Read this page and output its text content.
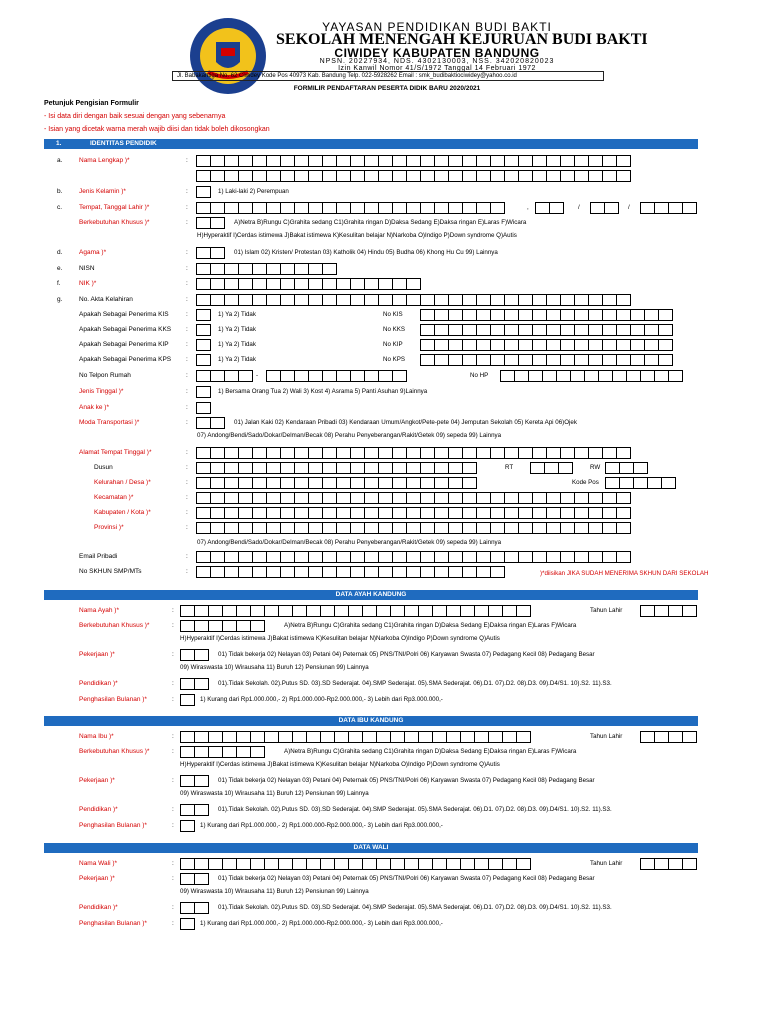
YAYASAN PENDIDIKAN BUDI BAKTI
SEKOLAH MENENGAH KEJURUAN BUDI BAKTI
CIWIDEY KABUPATEN BANDUNG
NPSN. 20227934, NDS. 4302130003, NSS. 342020820023
Izin Kanwil Nomor 41/S/1972 Tanggal 14 Februari 1972
Jl. Babakantiga No. 62 Ciwidey Kode Pos 40973 Kab. Bandung Telp. 022-5928262 Email : smk_budibaktiociwidey@yahoo.co.id
FORMILIR PENDAFTARAN PESERTA DIDIK BARU 2020/2021
Petunjuk Pengisian Formulir
- Isi data diri dengan baik sesuai dengan yang sebenarnya
- Isian yang dicetak warna merah wajib diisi dan tidak boleh dikosongkan
1.	IDENTITAS PENDIDIK
a.	Nama Lengkap )*	:
b.	Jenis Kelamin )*	:	1) Laki-laki 2) Perempuan
c.	Tempat, Tanggal Lahir )*	:	,	/	/
Berkebutuhan Khusus )*	:	A)Netra B)Rungu C)Grahita sedang C1)Grahita ringan D)Daksa Sedang E)Daksa ringan E)Laras F)Wicara
H)Hyperaktif I)Cerdas istimewa J)Bakat istimewa K)Kesulitan belajar N)Narkoba O)Indigo P)Down syndrome Q)Autis
d.	Agama )*	:	01) Islam 02) Kristen/ Protestan 03) Katholik 04) Hindu 05) Budha 06) Khong Hu Cu 99) Lainnya
e.	NISN	:
f.	NIK )*	:
g.	No. Akta Kelahiran	:
Apakah Sebagai Penerima KIS	:	1) Ya 2) Tidak	No KIS
Apakah Sebagai Penerima KKS :	1) Ya 2) Tidak	No KKS
Apakah Sebagai Penerima KIP	:	1) Ya 2) Tidak	No KIP
Apakah Sebagai Penerima KPS :	1) Ya 2) Tidak	No KPS
No Telpon Rumah	:	-	No HP
Jenis Tinggal )*	:	1) Bersama Orang Tua 2) Wali 3) Kost 4) Asrama 5) Panti Asuhan 9)Lainnya
Anak ke )*	:
Moda Transportasi )*	:	01) Jalan Kaki 02) Kendaraan Pribadi 03) Kendaraan Umum/Angkot/Pete-pete 04) Jemputan Sekolah 05) Kereta Api 06)Ojek
07) Andong/Bendi/Sado/Dokar/Delman/Becak 08) Perahu Penyeberangan/Rakit/Getek 09) sepeda 99) Lainnya
Alamat Tempat Tinggal )*	:
Dusun	:	RT	RW
Kelurahan / Desa )*	:	Kode Pos
Kecamatan )*	:
Kabupaten / Kota )*	:
Provinsi )*	:
07) Andong/Bendi/Sado/Dokar/Delman/Becak 08) Perahu Penyeberangan/Rakit/Getek 09) sepeda 99) Lainnya
Email Pribadi	:
No SKHUN SMP/MTs	:	)*diisikan JIKA SUDAH MENERIMA SKHUN DARI SEKOLAH
DATA AYAH KANDUNG
Nama Ayah )*	:	Tahun Lahir
Berkebutuhan Khusus )*	:	A)Netra B)Rungu C)Grahita sedang C1)Grahita ringan D)Daksa Sedang E)Daksa ringan E)Laras F)Wicara
H)Hyperaktif I)Cerdas istimewa J)Bakat istimewa K)Kesulitan belajar N)Narkoba O)Indigo P)Down syndrome Q)Autis
Pekerjaan )*	:	01) Tidak bekerja 02) Nelayan 03) Petani 04) Peternak 05) PNS/TNI/Polri 06) Karyawan Swasta 07) Pedagang Kecil 08) Pedagang Besar
09) Wiraswasta 10) Wirausaha 11) Buruh 12) Pensiunan 99) Lainnya
Pendidikan )*	:	01).Tidak Sekolah. 02).Putus SD. 03).SD Sederajat. 04).SMP Sederajat. 05).SMA Sederajat. 06).D1. 07).D2. 08).D3. 09).D4/S1. 10).S2. 11).S3.
Penghasilan Bulanan )*	:	1) Kurang dari Rp1.000.000,- 2) Rp1.000.000-Rp2.000.000,- 3) Lebih dari Rp3.000.000,-
DATA IBU KANDUNG
Nama Ibu )*	:	Tahun Lahir
Berkebutuhan Khusus )*	:	A)Netra B)Rungu C)Grahita sedang C1)Grahita ringan D)Daksa Sedang E)Daksa ringan E)Laras F)Wicara
H)Hyperaktif I)Cerdas istimewa J)Bakat istimewa K)Kesulitan belajar N)Narkoba O)Indigo P)Down syndrome Q)Autis
Pekerjaan )*	:	01) Tidak bekerja 02) Nelayan 03) Petani 04) Peternak 05) PNS/TNI/Polri 06) Karyawan Swasta 07) Pedagang Kecil 08) Pedagang Besar
09) Wiraswasta 10) Wirausaha 11) Buruh 12) Pensiunan 99) Lainnya
Pendidikan )*	:	01).Tidak Sekolah. 02).Putus SD. 03).SD Sederajat. 04).SMP Sederajat. 05).SMA Sederajat. 06).D1. 07).D2. 08).D3. 09).D4/S1. 10).S2. 11).S3.
Penghasilan Bulanan )*	:	1) Kurang dari Rp1.000.000,- 2) Rp1.000.000-Rp2.000.000,- 3) Lebih dari Rp3.000.000,-
DATA WALI
Nama Wali )*	:	Tahun Lahir
Pekerjaan )*	:	01) Tidak bekerja 02) Nelayan 03) Petani 04) Peternak 05) PNS/TNI/Polri 06) Karyawan Swasta 07) Pedagang Kecil 08) Pedagang Besar
09) Wiraswasta 10) Wirausaha 11) Buruh 12) Pensiunan 99) Lainnya
Pendidikan )*	:	01).Tidak Sekolah. 02).Putus SD. 03).SD Sederajat. 04).SMP Sederajat. 05).SMA Sederajat. 06).D1. 07).D2. 08).D3. 09).D4/S1. 10).S2. 11).S3.
Penghasilan Bulanan )*	:	1) Kurang dari Rp1.000.000,- 2) Rp1.000.000-Rp2.000.000,- 3) Lebih dari Rp3.000.000,-
